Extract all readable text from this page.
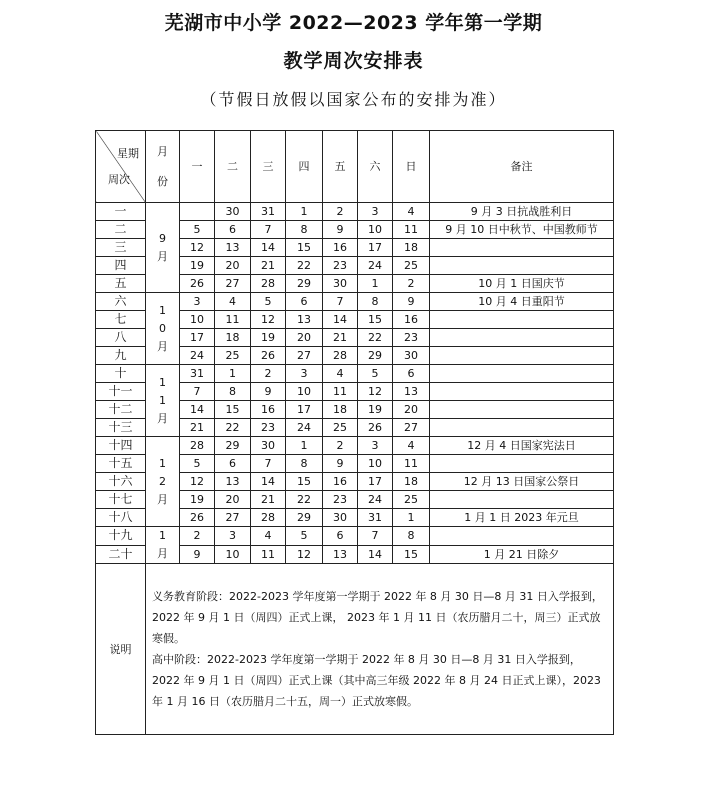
芜湖市中小学 2022—2023 学年第一学期
教学周次安排表
（节假日放假以国家公布的安排为准）
星期
周次	月份	一	二	三	四	五	六	日	备注
一	9月		30	31	1	2	3	4	9 月 3 日抗战胜利日
二		5	6	7	8	9	10	11	9 月 10 日中秋节、中国教师节
三		12	13	14	15	16	17	18	
四		19	20	21	22	23	24	25	
五		26	27	28	29	30	1	2	10 月 1 日国庆节
六	10月	3	4	5	6	7	8	9	10 月 4 日重阳节
七		10	11	12	13	14	15	16	
八		17	18	19	20	21	22	23	
九		24	25	26	27	28	29	30	
十	11月	31	1	2	3	4	5	6	
十一		7	8	9	10	11	12	13	
十二		14	15	16	17	18	19	20	
十三		21	22	23	24	25	26	27	
十四	12月	28	29	30	1	2	3	4	12 月 4 日国家宪法日
十五		5	6	7	8	9	10	11	
十六		12	13	14	15	16	17	18	12 月 13 日国家公祭日
十七		19	20	21	22	23	24	25	
十八		26	27	28	29	30	31	1	1 月 1 日 2023 年元旦
十九	1月	2	3	4	5	6	7	8	
二十		9	10	11	12	13	14	15	1 月 21 日除夕
说明	义务教育阶段：2022-2023 学年度第一学期于 2022 年 8 月 30 日—8 月 31 日入学报到，2022 年 9 月 1 日（周四）正式上课， 2023 年 1 月 11 日（农历腊月二十，周三）正式放寒假。

高中阶段：2022-2023 学年度第一学期于 2022 年 8 月 30 日—8 月 31 日入学报到，2022 年 9 月 1 日（周四）正式上课（其中高三年级 2022 年 8 月 24 日正式上课），2023 年 1 月 16 日（农历腊月二十五，周一）正式放寒假。								
